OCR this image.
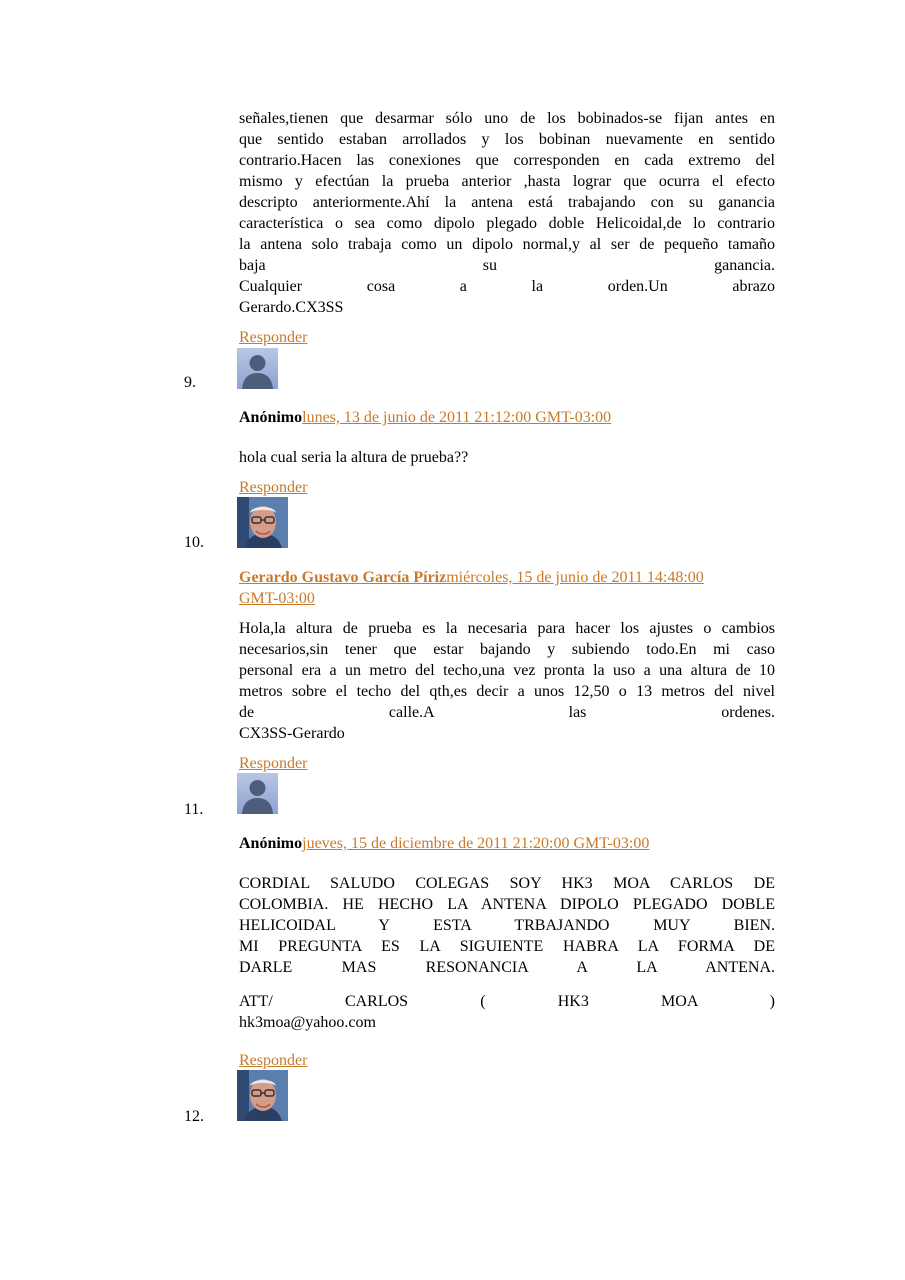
señales,tienen que desarmar sólo uno de los bobinados-se fijan antes en
que sentido estaban arrollados y los bobinan nuevamente en sentido
contrario.Hacen las conexiones que corresponden en cada extremo del
mismo y efectúan la prueba anterior ,hasta lograr que ocurra el efecto
descripto anteriormente.Ahí la antena está trabajando con su ganancia
característica o sea como dipolo plegado doble Helicoidal,de lo contrario
la antena solo trabaja como un dipolo normal,y al ser de pequeño tamaño
baja su ganancia.
Cualquier cosa a la orden.Un abrazo
Gerardo.CX3SS
Responder
9.
Anónimolunes, 13 de junio de 2011 21:12:00 GMT-03:00
hola cual seria la altura de prueba??
Responder
10.
Gerardo Gustavo García Pírizmiércoles, 15 de junio de 2011 14:48:00
GMT-03:00
Hola,la altura de prueba es la necesaria para hacer los ajustes o cambios
necesarios,sin tener que estar bajando y subiendo todo.En mi caso
personal era a un metro del techo,una vez pronta la uso a una altura de 10
metros sobre el techo del qth,es decir a unos 12,50 o 13 metros del nivel
de calle.A las ordenes.
CX3SS-Gerardo
Responder
11.
Anónimojueves, 15 de diciembre de 2011 21:20:00 GMT-03:00
CORDIAL SALUDO COLEGAS SOY HK3 MOA CARLOS DE
COLOMBIA. HE HECHO LA ANTENA DIPOLO PLEGADO DOBLE
HELICOIDAL Y ESTA TRBAJANDO MUY BIEN.
MI PREGUNTA ES LA SIGUIENTE HABRA LA FORMA DE
DARLE MAS RESONANCIA A LA ANTENA.
ATT/ CARLOS ( HK3 MOA )
hk3moa@yahoo.com
Responder
12.
